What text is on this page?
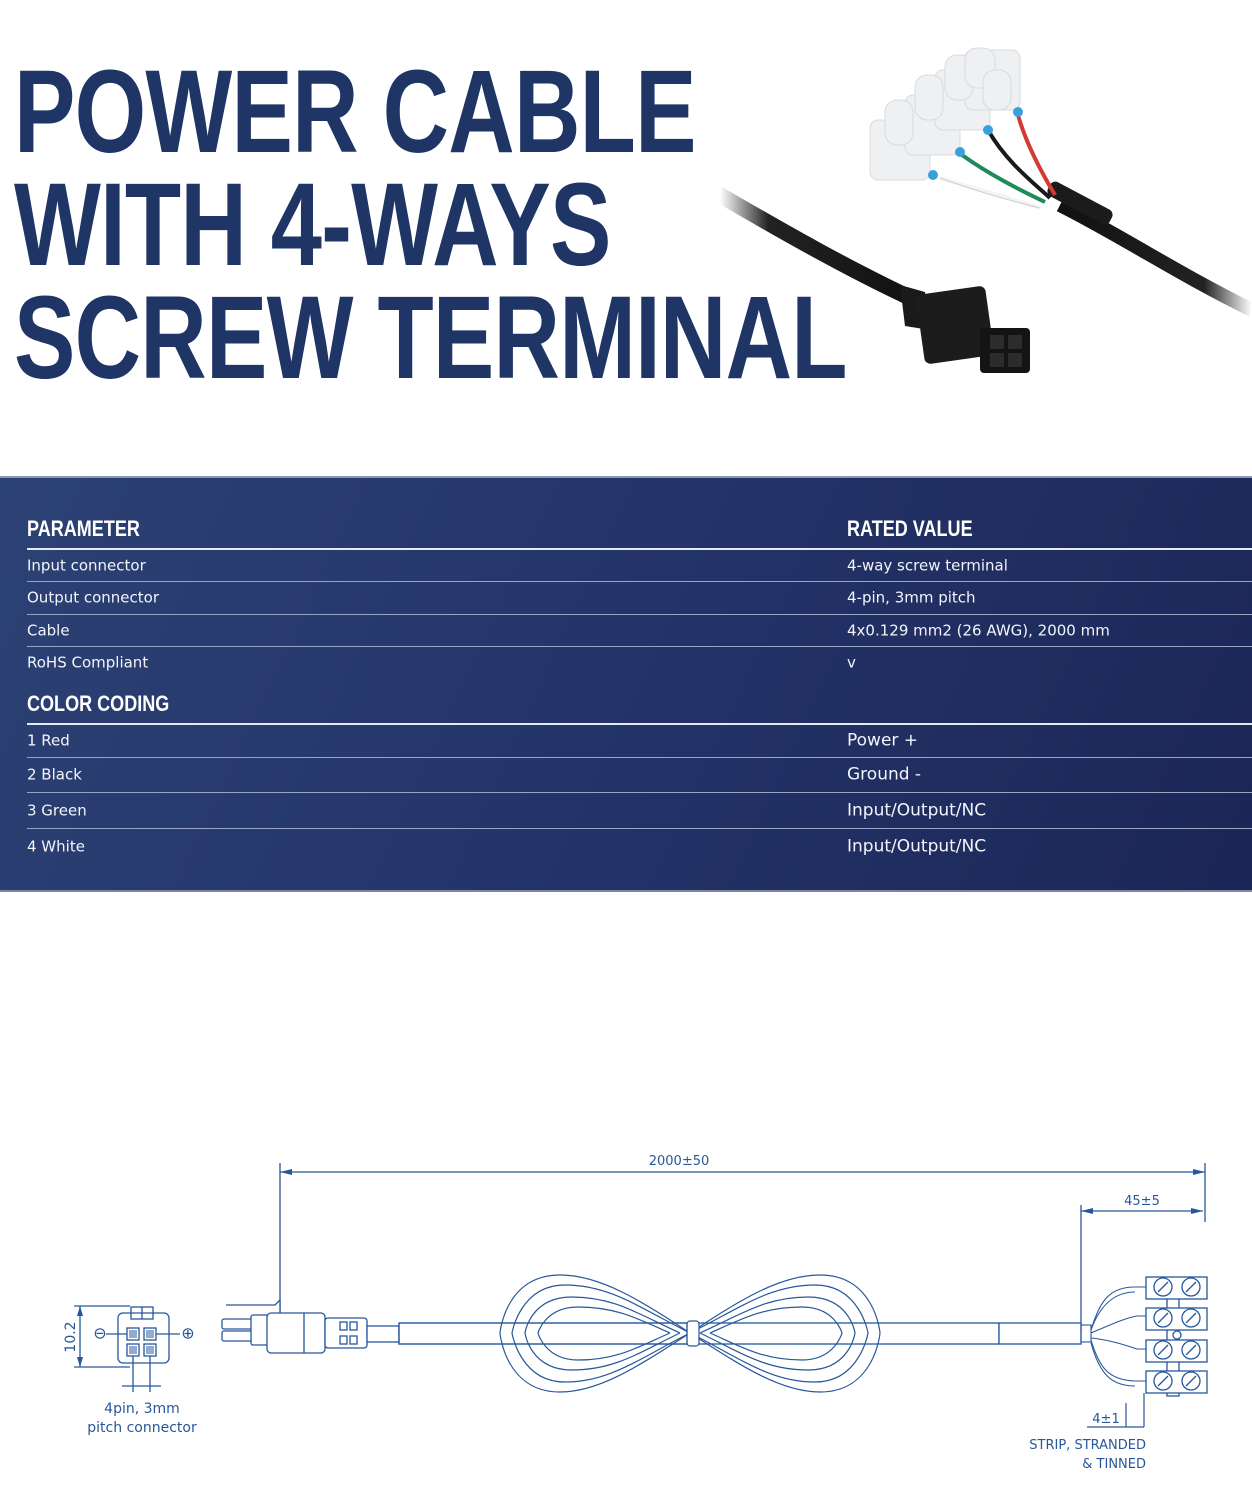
POWER CABLE
WITH 4-WAYS
SCREW TERMINAL
PARAMETER	RATED VALUE
Input connector	4-way screw terminal
Output connector	4-pin, 3mm pitch
Cable	4x0.129 mm2 (26 AWG), 2000 mm
RoHS Compliant	v
COLOR CODING
1 Red	Power +
2 Black	Ground -
3 Green	Input/Output/NC
4 White	Input/Output/NC
2000±50
45±5
4±1
STRIP, STRANDED
& TINNED
⊖	⊕
10.2
4pin, 3mm
pitch connector
